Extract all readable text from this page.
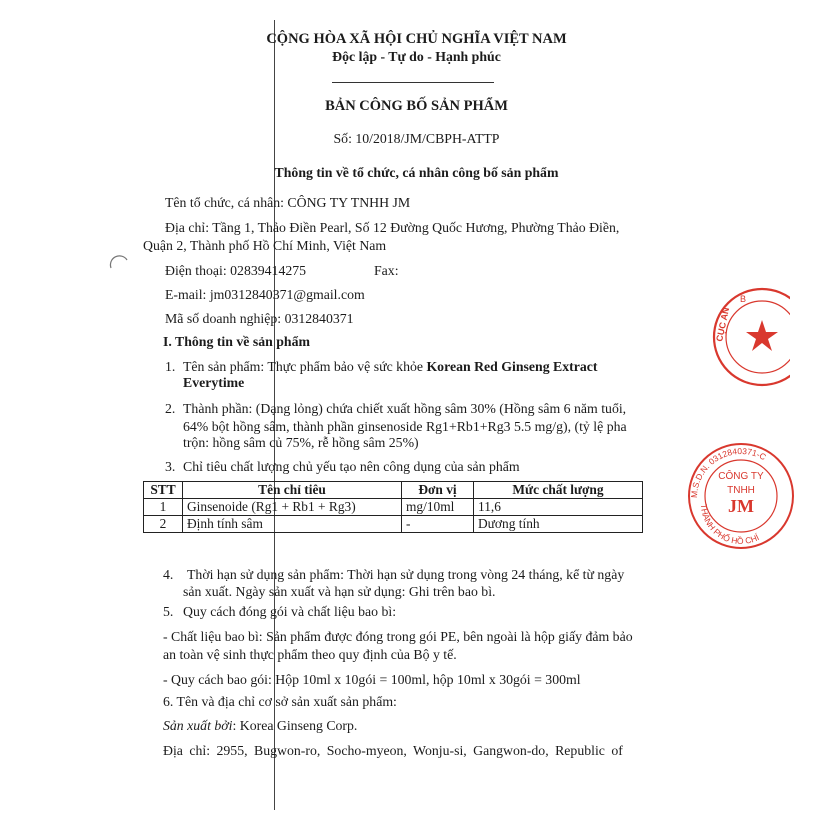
CỘNG HÒA XÃ HỘI CHỦ NGHĨA VIỆT NAM
Độc lập - Tự do - Hạnh phúc
BẢN CÔNG BỐ SẢN PHẨM
Số: 10/2018/JM/CBPH-ATTP
Thông tin về tổ chức, cá nhân công bố sản phẩm
Tên tổ chức, cá nhân: CÔNG TY TNHH JM
Địa chỉ: Tầng 1, Thảo Điền Pearl, Số 12 Đường Quốc Hương, Phường Thảo Điền,
Quận 2, Thành phố Hồ Chí Minh, Việt Nam
Điện thoại: 02839414275	Fax:
E-mail: jm0312840371@gmail.com
Mã số doanh nghiệp: 0312840371
I. Thông tin về sản phẩm
1. Tên sản phẩm: Thực phẩm bảo vệ sức khỏe Korean Red Ginseng Extract
Everytime
2. Thành phần: (Dạng lỏng) chứa chiết xuất hồng sâm 30% (Hồng sâm 6 năm tuổi,
64% bột hồng sâm, thành phần ginsenoside Rg1+Rb1+Rg3 5.5 mg/g), (tỷ lệ pha
trộn: hồng sâm củ 75%, rễ hồng sâm 25%)
3. Chỉ tiêu chất lượng chủ yếu tạo nên công dụng của sản phẩm
STT	Tên chỉ tiêu	Đơn vị	Mức chất lượng
1	Ginsenoide (Rg1 + Rb1 + Rg3)	mg/10ml	11,6
2	Định tính sâm	-	Dương tính
4. Thời hạn sử dụng sản phẩm: Thời hạn sử dụng trong vòng 24 tháng, kể từ ngày
sản xuất. Ngày sản xuất và hạn sử dụng: Ghi trên bao bì.
5. Quy cách đóng gói và chất liệu bao bì:
- Chất liệu bao bì: Sản phẩm được đóng trong gói PE, bên ngoài là hộp giấy đảm bảo
an toàn vệ sinh thực phẩm theo quy định của Bộ y tế.
- Quy cách bao gói: Hộp 10ml x 10gói = 100ml, hộp 10ml x 30gói = 300ml
6. Tên và địa chỉ cơ sở sản xuất sản phẩm:
Sản xuất bởi: Korea Ginseng Corp.
Địa chỉ: 2955, Bugwon-ro, Socho-myeon, Wonju-si, Gangwon-do, Republic of
M.S.D.N. 0312840371-C
THÀNH PHỐ HỒ CHÍ
CÔNG TY
TNHH
JM
B
CỤC AN
